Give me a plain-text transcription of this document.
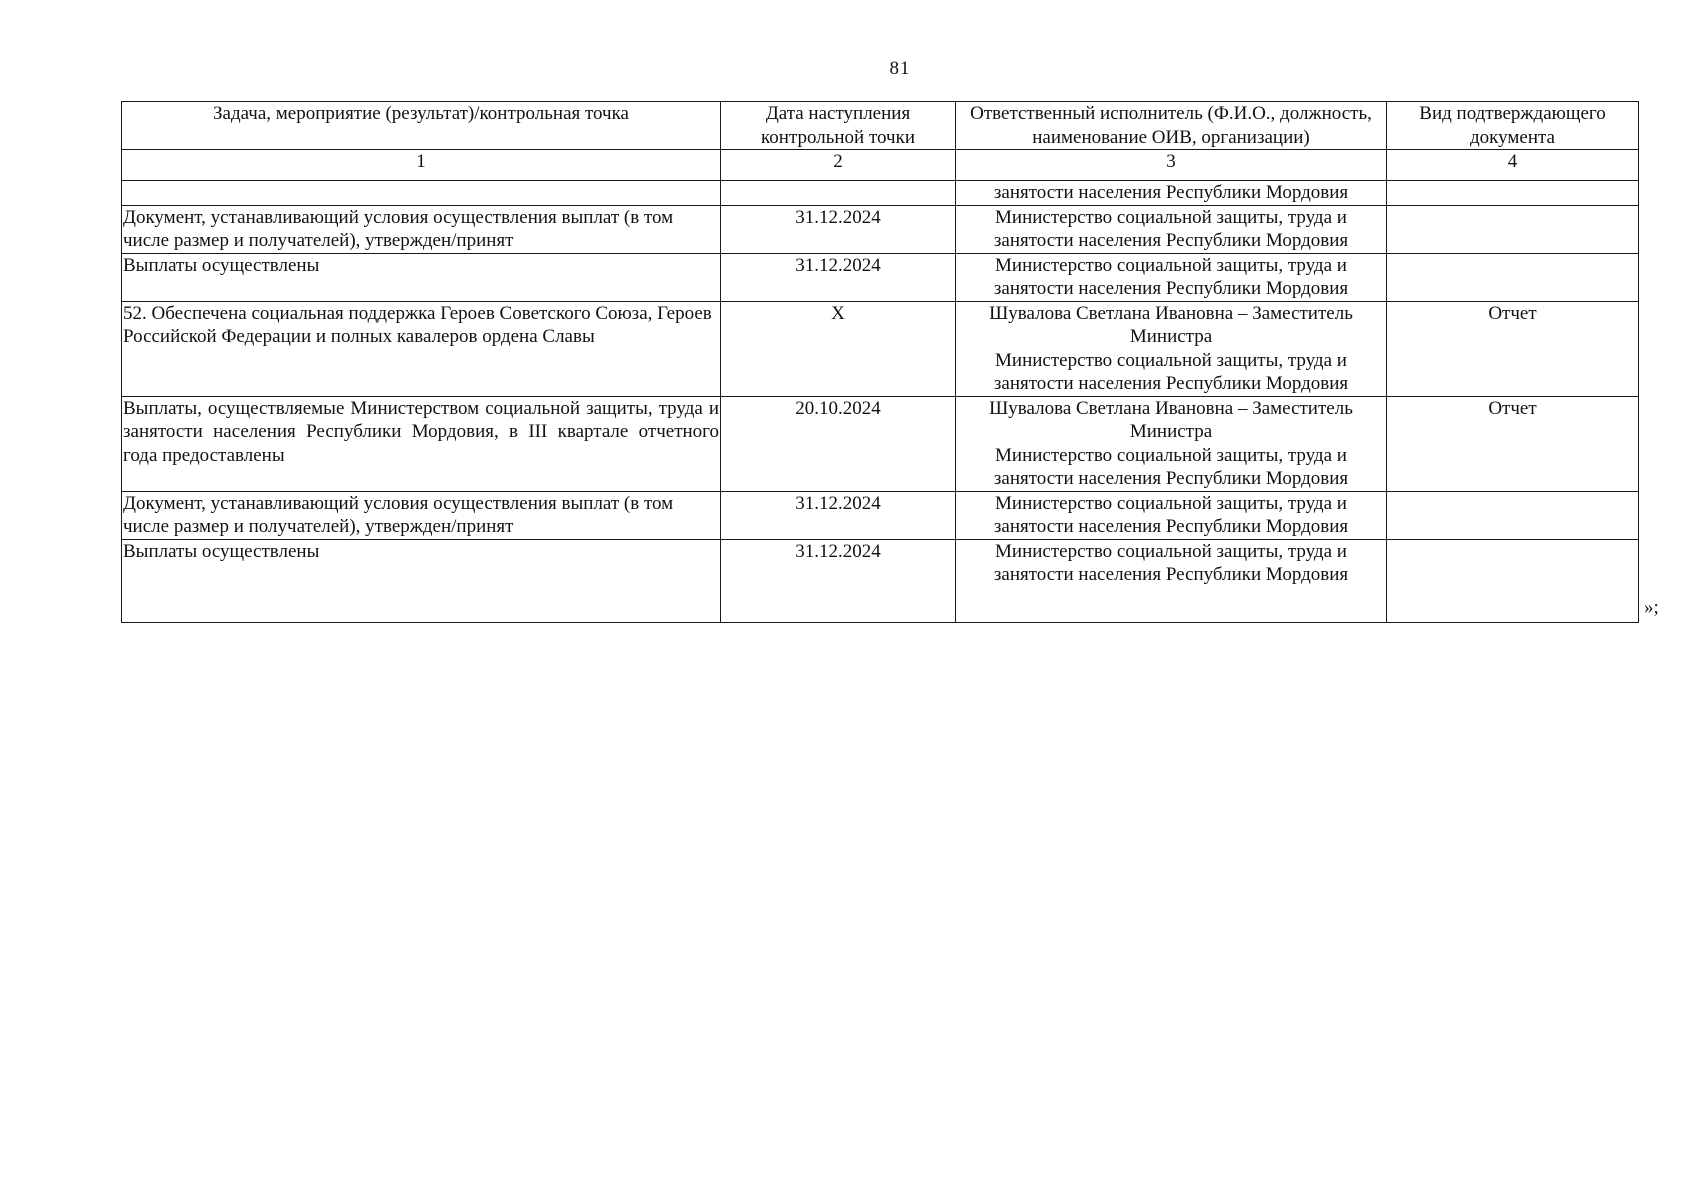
81
Задача, мероприятие (результат)/контрольная точка	Дата наступления контрольной точки	Ответственный исполнитель (Ф.И.О., должность, наименование ОИВ, организации)	Вид подтверждающего документа
1	2	3	4

		занятости населения Республики Мордовия	

Документ, устанавливающий условия осуществления выплат (в том числе размер и получателей), утвержден/принят	31.12.2024	Министерство социальной защиты, труда и занятости населения Республики Мордовия	

Выплаты осуществлены	31.12.2024	Министерство социальной защиты, труда и занятости населения Республики Мордовия	

52. Обеспечена социальная поддержка Героев Советского Союза, Героев Российской Федерации и полных кавалеров ордена Славы	Х	Шувалова Светлана Ивановна – Заместитель Министра
Министерство социальной защиты, труда и занятости населения Республики Мордовия	Отчет
Выплаты, осуществляемые Министерством социальной защиты, труда и занятости населения Республики Мордовия, в III квартале отчетного года предоставлены	20.10.2024	Шувалова Светлана Ивановна – Заместитель Министра
Министерство социальной защиты, труда и занятости населения Республики Мордовия	Отчет
Документ, устанавливающий условия осуществления выплат (в том числе размер и получателей), утвержден/принят	31.12.2024	Министерство социальной защиты, труда и занятости населения Республики Мордовия	

Выплаты осуществлены	31.12.2024	Министерство социальной защиты, труда и занятости населения Республики Мордовия	

»;
